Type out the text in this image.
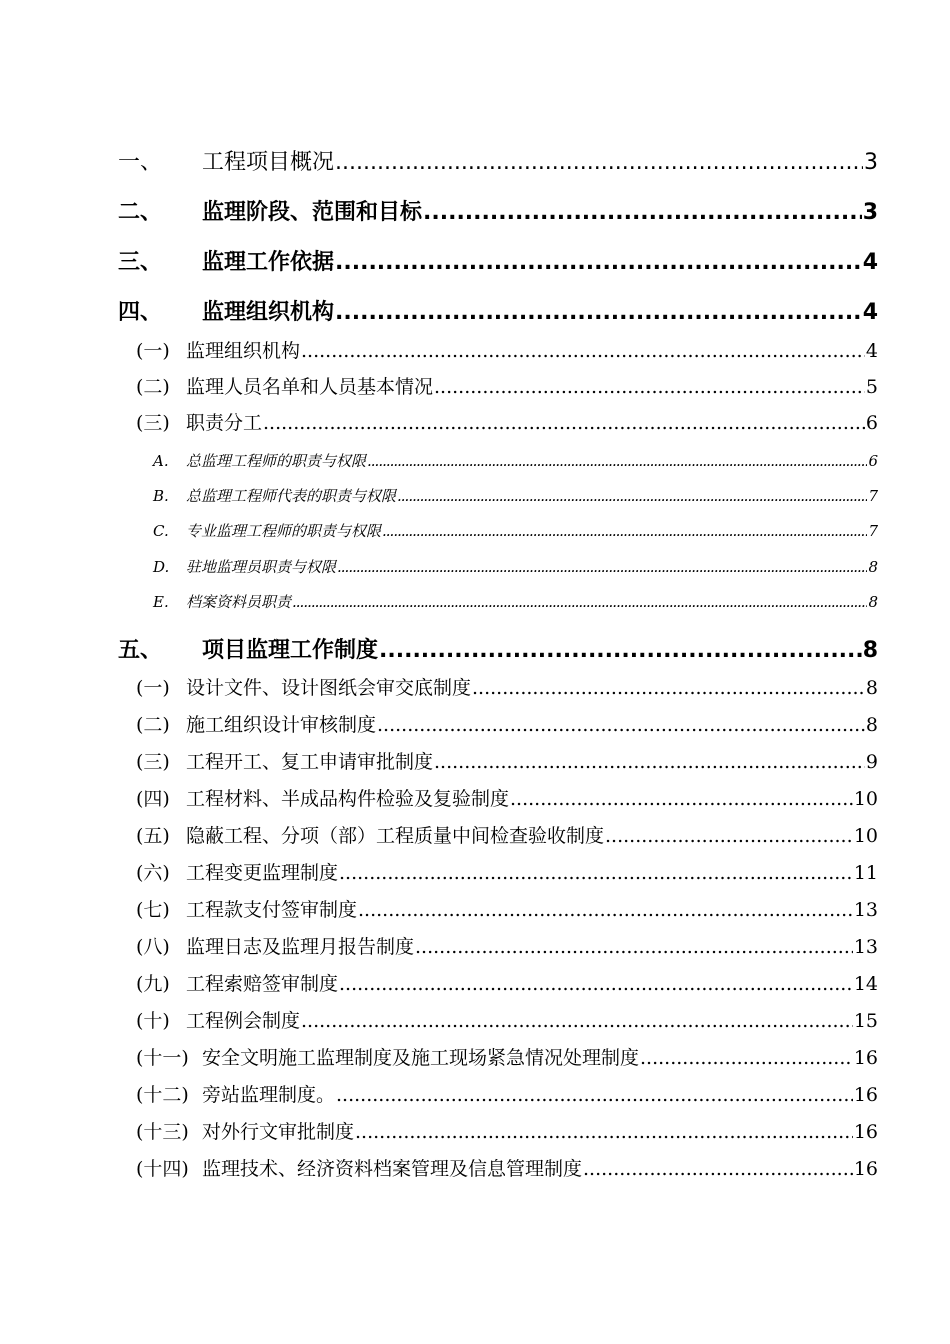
一、	工程项目概况 .....	3
二、	监理阶段、范围和目标 .....	3
三、	监理工作依据 .....	4
四、	监理组织机构 .....	4
(一) 监理组织机构 .....	4
(二) 监理人员名单和人员基本情况 .....	5
(三) 职责分工 .....	6
A.	总监理工程师的职责与权限 .....	6
B.	总监理工程师代表的职责与权限 .....	7
C.	专业监理工程师的职责与权限 .....	7
D.	驻地监理员职责与权限 .....	8
E.	档案资料员职责 .....	8
五、	项目监理工作制度 .....	8
(一) 设计文件、设计图纸会审交底制度 .....	8
(二) 施工组织设计审核制度 .....	8
(三) 工程开工、复工申请审批制度 .....	9
(四) 工程材料、半成品构件检验及复验制度 .....	10
(五) 隐蔽工程、分项（部）工程质量中间检查验收制度 .....	10
(六) 工程变更监理制度 .....	11
(七) 工程款支付签审制度 .....	13
(八) 监理日志及监理月报告制度 .....	13
(九) 工程索赔签审制度 .....	14
(十) 工程例会制度 .....	15
(十一) 安全文明施工监理制度及施工现场紧急情况处理制度 .....	16
(十二) 旁站监理制度。 .....	16
(十三) 对外行文审批制度 .....	16
(十四) 监理技术、经济资料档案管理及信息管理制度 .....	16
